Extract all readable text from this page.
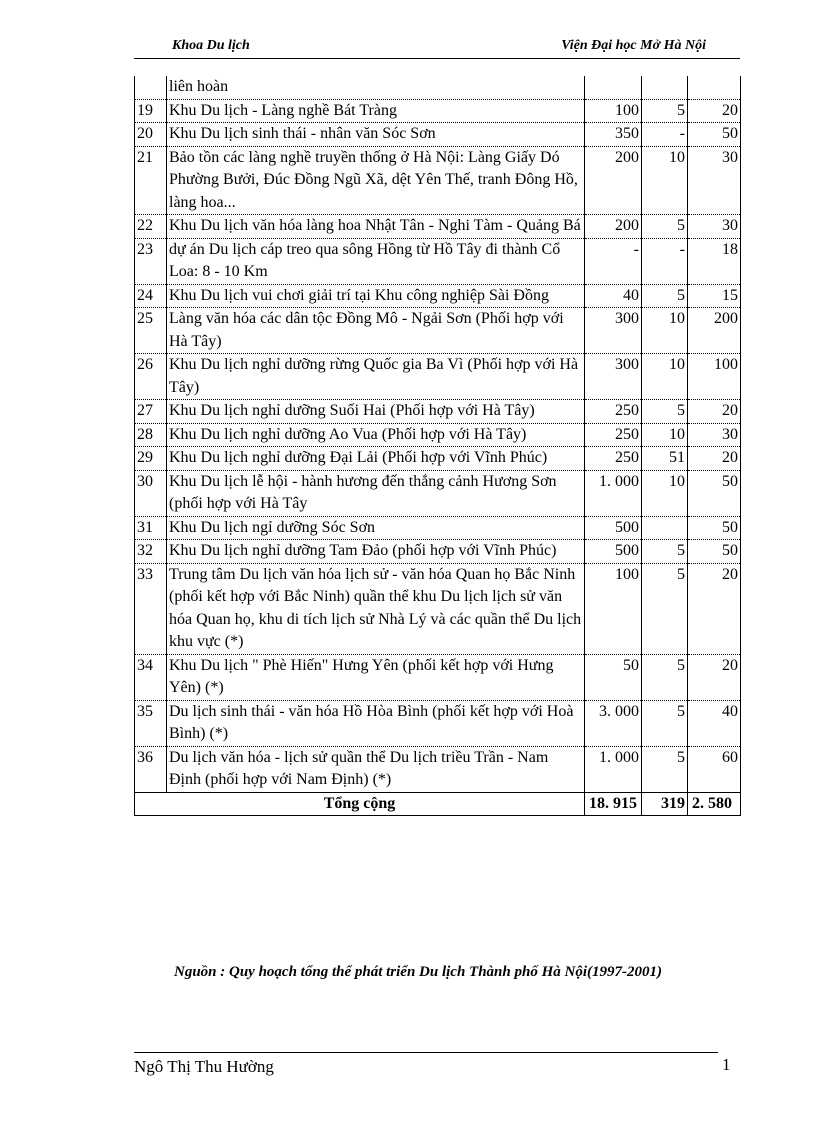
Khoa Du lịch	Viện Đại học Mở Hà Nội
	liên hoàn			
19	Khu Du lịch - Làng nghề Bát Tràng	100	5	20
20	Khu Du lịch sinh thái - nhân văn Sóc Sơn	350	-	50
21	Bảo tồn các làng nghề truyền thống ở Hà Nội: Làng Giấy Dó Phường Bưởi, Đúc Đồng Ngũ Xã, dệt Yên Thế, tranh Đông Hồ, làng hoa...	200	10	30
22	Khu Du lịch văn hóa làng hoa Nhật Tân - Nghi Tàm - Quảng Bá	200	5	30
23	dự án Du lịch cáp treo qua sông Hồng từ Hồ Tây đi thành Cổ Loa: 8 - 10 Km	-	-	18
24	Khu Du lịch vui chơi giải trí tại Khu công nghiệp Sài Đồng	40	5	15
25	Làng văn hóa các dân tộc Đồng Mô - Ngải Sơn (Phối hợp với Hà Tây)	300	10	200
26	Khu Du lịch nghỉ dưỡng rừng Quốc gia Ba Vì (Phối hợp với Hà Tây)	300	10	100
27	Khu Du lịch nghỉ dưỡng Suối Hai (Phối hợp với Hà Tây)	250	5	20
28	Khu Du lịch nghỉ dưỡng Ao Vua (Phối hợp với Hà Tây)	250	10	30
29	Khu Du lịch nghỉ dưỡng Đại Lải (Phối hợp với Vĩnh Phúc)	250	51	20
30	Khu Du lịch lễ hội - hành hương đến thắng cảnh Hương Sơn (phối hợp với Hà Tây	1. 000	10	50
31	Khu Du lịch ngỉ dưỡng Sóc Sơn	500		50
32	Khu Du lịch nghỉ dưỡng Tam Đảo (phối hợp với Vĩnh Phúc)	500	5	50
33	Trung tâm Du lịch văn hóa lịch sử - văn hóa Quan họ Bắc Ninh (phối kết hợp với Bắc Ninh) quần thể khu Du lịch lịch sử văn hóa Quan họ, khu di tích lịch sử Nhà Lý và các quần thể Du lịch khu vực (*)	100	5	20
34	Khu Du lịch " Phè Hiến" Hưng Yên (phối kết hợp với Hưng Yên) (*)	50	5	20
35	Du lịch sinh thái - văn hóa Hồ Hòa Bình (phối kết hợp với Hoà Bình) (*)	3. 000	5	40
36	Du lịch văn hóa - lịch sử quần thể Du lịch triều Trần - Nam Định (phối hợp với Nam Định) (*)	1. 000	5	60
Tổng cộng		18. 915	319	2. 580
Nguồn : Quy hoạch tổng thể phát triển Du lịch Thành phố Hà Nội(1997-2001)
Ngô Thị Thu Hường	1
